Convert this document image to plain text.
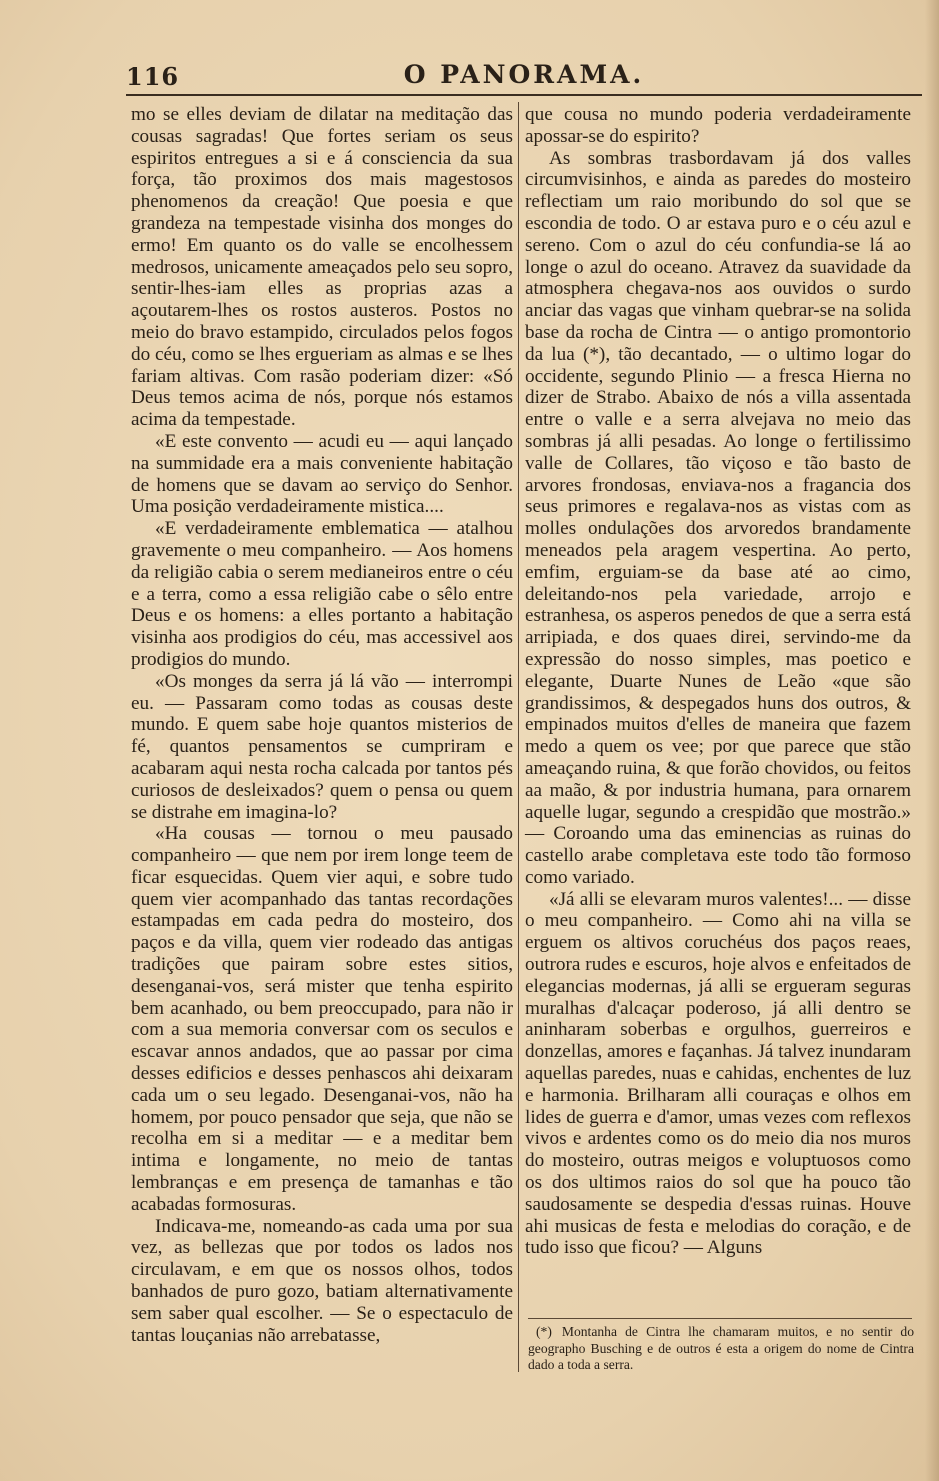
116	O PANORAMA.

mo se elles deviam de dilatar na meditação das cousas sagradas! Que fortes seriam os seus espiritos entregues a si e á consciencia da sua força, tão proximos dos mais magestosos phenomenos da creação! Que poesia e que grandeza na tempestade visinha dos monges do ermo! Em quanto os do valle se encolhessem medrosos, unicamente ameaçados pelo seu sopro, sentir-lhes-iam elles as proprias azas a açoutarem-lhes os rostos austeros. Postos no meio do bravo estampido, circulados pelos fogos do céu, como se lhes ergueriam as almas e se lhes fariam altivas. Com rasão poderiam dizer: «Só Deus temos acima de nós, porque nós estamos acima da tempestade.

«E este convento — acudi eu — aqui lançado na summidade era a mais conveniente habitação de homens que se davam ao serviço do Senhor. Uma posição verdadeiramente mistica....

«E verdadeiramente emblematica — atalhou gravemente o meu companheiro. — Aos homens da religião cabia o serem medianeiros entre o céu e a terra, como a essa religião cabe o sêlo entre Deus e os homens: a elles portanto a habitação visinha aos prodigios do céu, mas accessivel aos prodigios do mundo.

«Os monges da serra já lá vão — interrompi eu. — Passaram como todas as cousas deste mundo. E quem sabe hoje quantos misterios de fé, quantos pensamentos se cumpriram e acabaram aqui nesta rocha calcada por tantos pés curiosos de desleixados? quem o pensa ou quem se distrahe em imagina-lo?

«Ha cousas — tornou o meu pausado companheiro — que nem por irem longe teem de ficar esquecidas. Quem vier aqui, e sobre tudo quem vier acompanhado das tantas recordações estampadas em cada pedra do mosteiro, dos paços e da villa, quem vier rodeado das antigas tradições que pairam sobre estes sitios, desenganai-vos, será mister que tenha espirito bem acanhado, ou bem preoccupado, para não ir com a sua memoria conversar com os seculos e escavar annos andados, que ao passar por cima desses edificios e desses penhascos ahi deixaram cada um o seu legado. Desenganai-vos, não ha homem, por pouco pensador que seja, que não se recolha em si a meditar — e a meditar bem intima e longamente, no meio de tantas lembranças e em presença de tamanhas e tão acabadas formosuras.

Indicava-me, nomeando-as cada uma por sua vez, as bellezas que por todos os lados nos circulavam, e em que os nossos olhos, todos banhados de puro gozo, batiam alternativamente sem saber qual escolher. — Se o espectaculo de tantas louçanias não arrebatasse,

que cousa no mundo poderia verdadeiramente apossar-se do espirito?

As sombras trasbordavam já dos valles circumvisinhos, e ainda as paredes do mosteiro reflectiam um raio moribundo do sol que se escondia de todo. O ar estava puro e o céu azul e sereno. Com o azul do céu confundia-se lá ao longe o azul do oceano. Atravez da suavidade da atmosphera chegava-nos aos ouvidos o surdo anciar das vagas que vinham quebrar-se na solida base da rocha de Cintra — o antigo promontorio da lua (*), tão decantado, — o ultimo logar do occidente, segundo Plinio — a fresca Hierna no dizer de Strabo. Abaixo de nós a villa assentada entre o valle e a serra alvejava no meio das sombras já alli pesadas. Ao longe o fertilissimo valle de Collares, tão viçoso e tão basto de arvores frondosas, enviava-nos a fragancia dos seus primores e regalava-nos as vistas com as molles ondulações dos arvoredos brandamente meneados pela aragem vespertina. Ao perto, emfim, erguiam-se da base até ao cimo, deleitando-nos pela variedade, arrojo e estranhesa, os asperos penedos de que a serra está arripiada, e dos quaes direi, servindo-me da expressão do nosso simples, mas poetico e elegante, Duarte Nunes de Leão «que são grandissimos, & despegados huns dos outros, & empinados muitos d'elles de maneira que fazem medo a quem os vee; por que parece que stão ameaçando ruina, & que forão chovidos, ou feitos aa maão, & por industria humana, para ornarem aquelle lugar, segundo a crespidão que mostrão.» — Coroando uma das eminencias as ruinas do castello arabe completava este todo tão formoso como variado.

«Já alli se elevaram muros valentes!... — disse o meu companheiro. — Como ahi na villa se erguem os altivos coruchéus dos paços reaes, outrora rudes e escuros, hoje alvos e enfeitados de elegancias modernas, já alli se ergueram seguras muralhas d'alcaçar poderoso, já alli dentro se aninharam soberbas e orgulhos, guerreiros e donzellas, amores e façanhas. Já talvez inundaram aquellas paredes, nuas e cahidas, enchentes de luz e harmonia. Brilharam alli couraças e olhos em lides de guerra e d'amor, umas vezes com reflexos vivos e ardentes como os do meio dia nos muros do mosteiro, outras meigos e voluptuosos como os dos ultimos raios do sol que ha pouco tão saudosamente se despedia d'essas ruinas. Houve ahi musicas de festa e melodias do coração, e de tudo isso que ficou? — Alguns

(*) Montanha de Cintra lhe chamaram muitos, e no sentir do geographo Busching e de outros é esta a origem do nome de Cintra dado a toda a serra.
